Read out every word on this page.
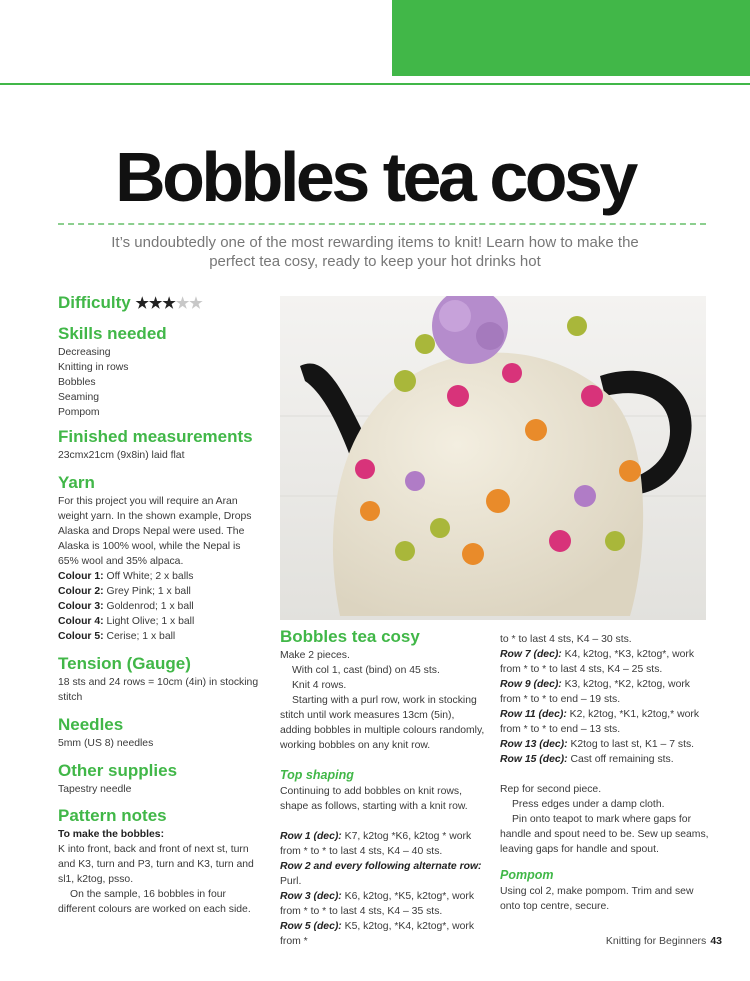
Bobbles tea cosy
It’s undoubtedly one of the most rewarding items to knit! Learn how to make the perfect tea cosy, ready to keep your hot drinks hot
Difficulty ★★★★★
Skills needed

Decreasing

Knitting in rows

Bobbles

Seaming

Pompom

Finished measurements

23cmx21cm (9x8in) laid flat

Yarn

For this project you will require an Aran weight yarn. In the shown example, Drops Alaska and Drops Nepal were used. The Alaska is 100% wool, while the Nepal is 65% wool and 35% alpaca.

Colour 1: Off White; 2 x balls

Colour 2: Grey Pink; 1 x ball

Colour 3: Goldenrod; 1 x ball

Colour 4: Light Olive; 1 x ball

Colour 5: Cerise; 1 x ball

Tension (Gauge)

18 sts and 24 rows = 10cm (4in) in stocking stitch

Needles

5mm (US 8) needles

Other supplies

Tapestry needle

Pattern notes

To make the bobbles:

K into front, back and front of next st, turn and K3, turn and P3, turn and K3, turn and sl1, k2tog, psso.

On the sample, 16 bobbles in four different colours are worked on each side.

Bobbles tea cosy

Make 2 pieces.

With col 1, cast (bind) on 45 sts.

Knit 4 rows.

Starting with a purl row, work in stocking stitch until work measures 13cm (5in), adding bobbles in multiple colours randomly, working bobbles on any knit row.

Top shaping

Continuing to add bobbles on knit rows, shape as follows, starting with a knit row.

Row 1 (dec): K7, k2tog *K6, k2tog * work from * to * to last 4 sts, K4 – 40 sts.

Row 2 and every following alternate row: Purl.

Row 3 (dec): K6, k2tog, *K5, k2tog*, work from * to * to last 4 sts, K4 – 35 sts.

Row 5 (dec): K5, k2tog, *K4, k2tog*, work from *

to * to last 4 sts, K4 – 30 sts.

Row 7 (dec): K4, k2tog, *K3, k2tog*, work from * to * to last 4 sts, K4 – 25 sts.

Row 9 (dec): K3, k2tog, *K2, k2tog, work from * to * to end – 19 sts.

Row 11 (dec): K2, k2tog, *K1, k2tog,* work from * to * to end – 13 sts.

Row 13 (dec): K2tog to last st, K1 – 7 sts.

Row 15 (dec): Cast off remaining sts.

Rep for second piece.

Press edges under a damp cloth.

Pin onto teapot to mark where gaps for handle and spout need to be. Sew up seams, leaving gaps for handle and spout.

Pompom

Using col 2, make pompom. Trim and sew onto top centre, secure.

Knitting for Beginners 43
